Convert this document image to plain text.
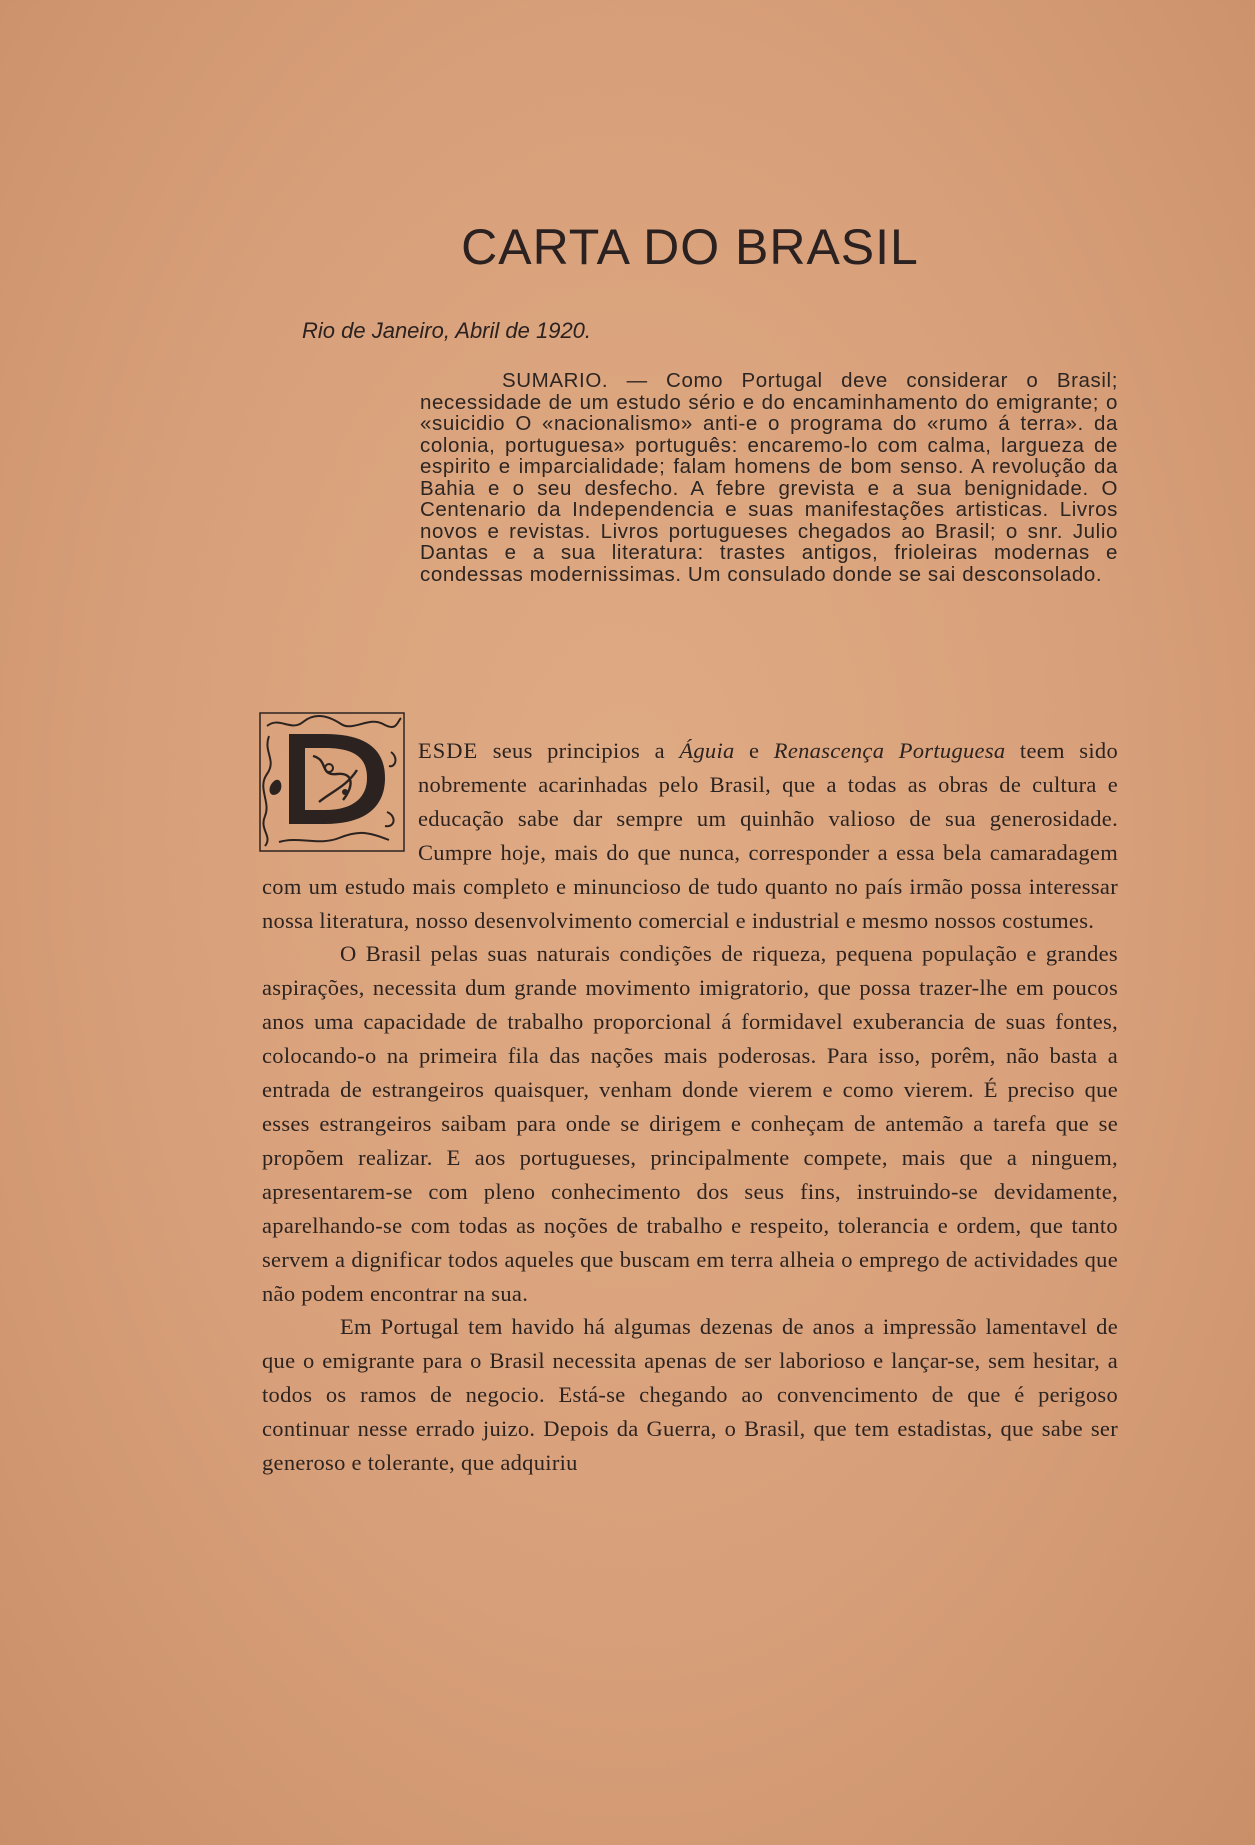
CARTA DO BRASIL
Rio de Janeiro, Abril de 1920.

SUMARIO. — Como Portugal deve considerar o Brasil; necessidade de um estudo sério e do encaminhamento do emigrante; o «suicidio O «nacionalismo» anti-e o programa do «rumo á terra». da colonia, portuguesa» português: encaremo-lo com calma, largueza de espirito e imparcialidade; falam homens de bom senso. A revolução da Bahia e o seu desfecho. A febre grevista e a sua benignidade. O Centenario da Independencia e suas manifestações artisticas. Livros novos e revistas. Livros portugueses chegados ao Brasil; o snr. Julio Dantas e a sua literatura: trastes antigos, frioleiras modernas e condessas modernissimas. Um consulado donde se sai desconsolado.

ESDE seus principios a Águia e Renascença Portuguesa teem sido nobremente acarinhadas pelo Brasil, que a todas as obras de cultura e educação sabe dar sempre um quinhão valioso de sua generosidade. Cumpre hoje, mais do que nunca, corresponder a essa bela camaradagem com um estudo mais completo e minuncioso de tudo quanto no país irmão possa interessar nossa literatura, nosso desenvolvimento comercial e industrial e mesmo nossos costumes.

O Brasil pelas suas naturais condições de riqueza, pequena população e grandes aspirações, necessita dum grande movimento imigratorio, que possa trazer-lhe em poucos anos uma capacidade de trabalho proporcional á formidavel exuberancia de suas fontes, colocando-o na primeira fila das nações mais poderosas. Para isso, porêm, não basta a entrada de estrangeiros quaisquer, venham donde vierem e como vierem. É preciso que esses estrangeiros saibam para onde se dirigem e conheçam de antemão a tarefa que se propõem realizar. E aos portugueses, principalmente compete, mais que a ninguem, apresentarem-se com pleno conhecimento dos seus fins, instruindo-se devidamente, aparelhando-se com todas as noções de trabalho e respeito, tolerancia e ordem, que tanto servem a dignificar todos aqueles que buscam em terra alheia o emprego de actividades que não podem encontrar na sua.

Em Portugal tem havido há algumas dezenas de anos a impressão lamentavel de que o emigrante para o Brasil necessita apenas de ser laborioso e lançar-se, sem hesitar, a todos os ramos de negocio. Está-se chegando ao convencimento de que é perigoso continuar nesse errado juizo. Depois da Guerra, o Brasil, que tem estadistas, que sabe ser generoso e tolerante, que adquiriu
